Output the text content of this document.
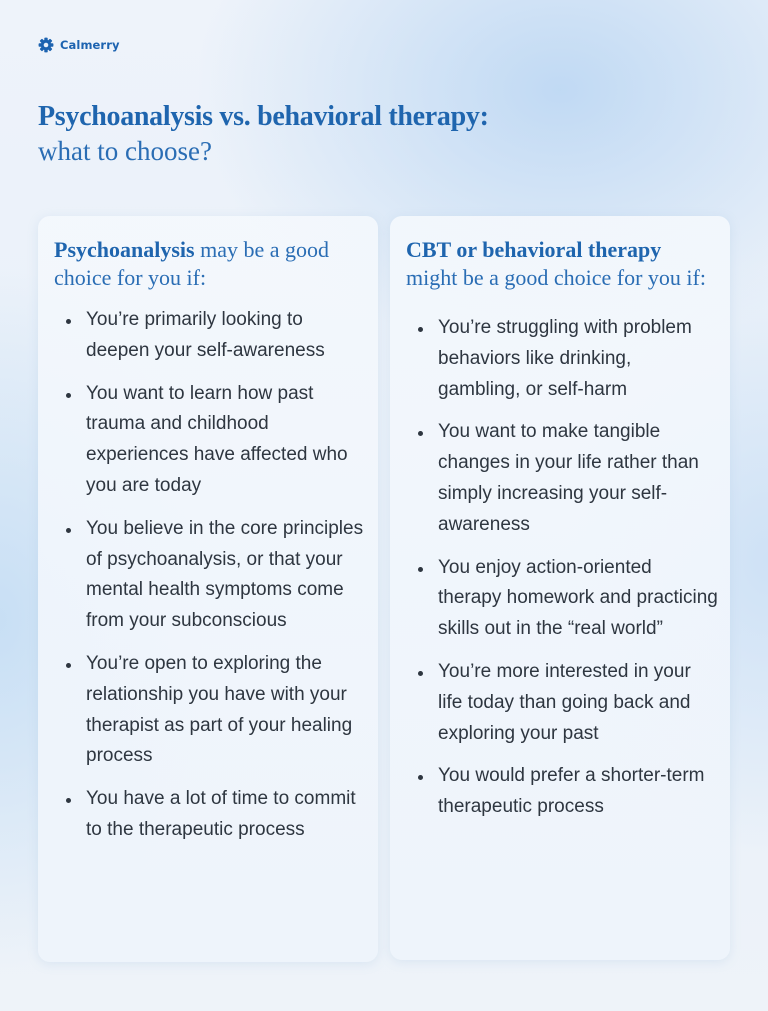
Calmerry
Psychoanalysis vs. behavioral therapy:
what to choose?
Psychoanalysis may be a good choice for you if:
You’re primarily looking to deepen your self-awareness
You want to learn how past trauma and childhood experiences have affected who you are today
You believe in the core principles of psychoanalysis, or that your mental health symptoms come from your subconscious
You’re open to exploring the relationship you have with your therapist as part of your healing process
You have a lot of time to commit to the therapeutic process
CBT or behavioral therapy might be a good choice for you if:
You’re struggling with problem behaviors like drinking, gambling, or self-harm
You want to make tangible changes in your life rather than simply increasing your self-awareness
You enjoy action-oriented therapy homework and practicing skills out in the “real world”
You’re more interested in your life today than going back and exploring your past
You would prefer a shorter-term therapeutic process
